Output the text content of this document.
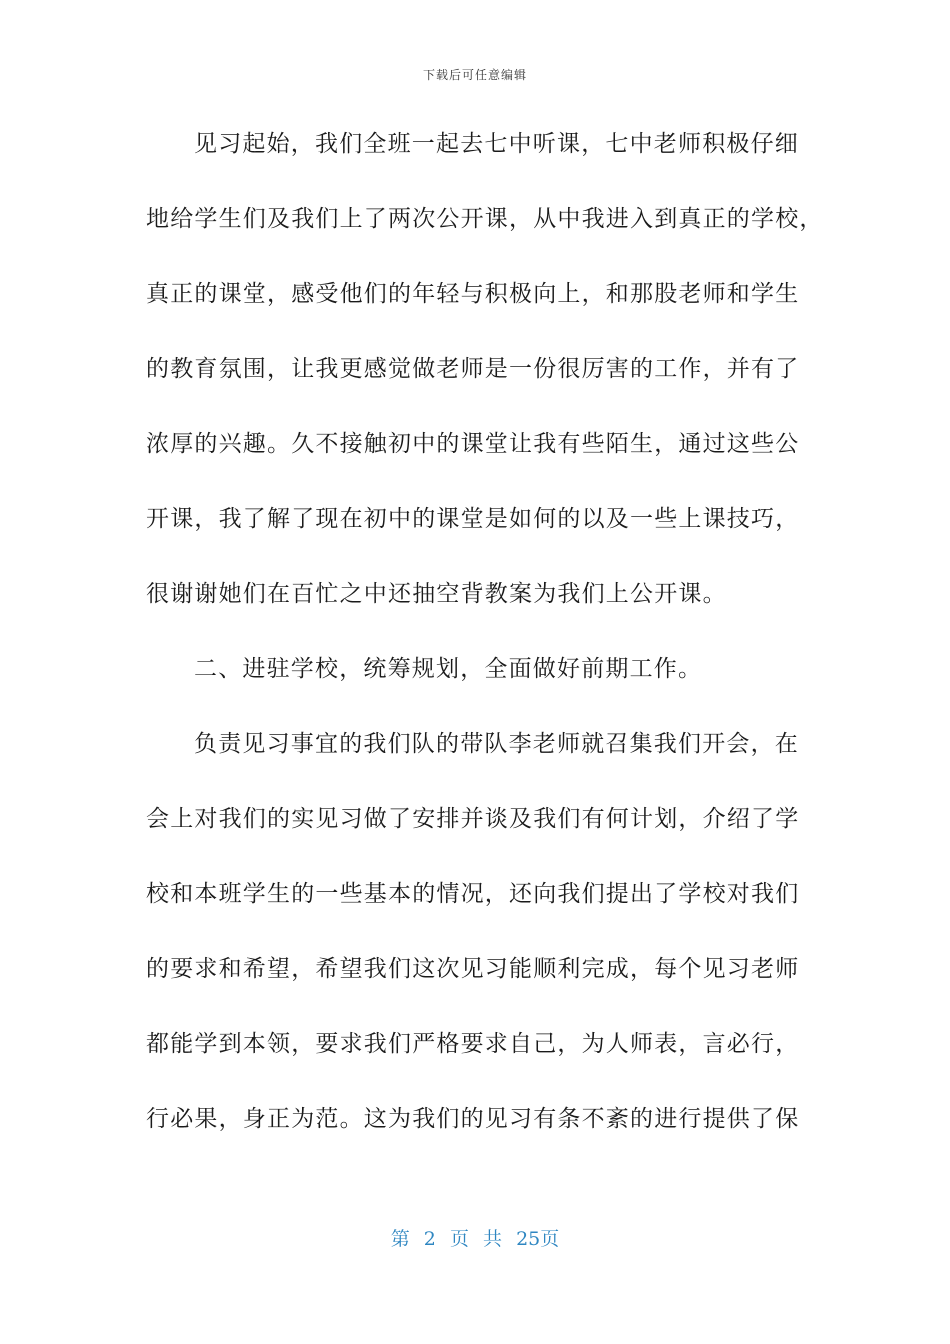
下载后可任意编辑
见习起始，我们全班一起去七中听课，七中老师积极仔细
地给学生们及我们上了两次公开课，从中我进入到真正的学校，
真正的课堂，感受他们的年轻与积极向上，和那股老师和学生
的教育氛围，让我更感觉做老师是一份很厉害的工作，并有了
浓厚的兴趣。久不接触初中的课堂让我有些陌生，通过这些公
开课，我了解了现在初中的课堂是如何的以及一些上课技巧，
很谢谢她们在百忙之中还抽空背教案为我们上公开课。
二、进驻学校，统筹规划，全面做好前期工作。
负责见习事宜的我们队的带队李老师就召集我们开会，在
会上对我们的实见习做了安排并谈及我们有何计划，介绍了学
校和本班学生的一些基本的情况，还向我们提出了学校对我们
的要求和希望，希望我们这次见习能顺利完成，每个见习老师
都能学到本领，要求我们严格要求自己，为人师表，言必行，
行必果，身正为范。这为我们的见习有条不紊的进行提供了保
第 2 页 共 25页
